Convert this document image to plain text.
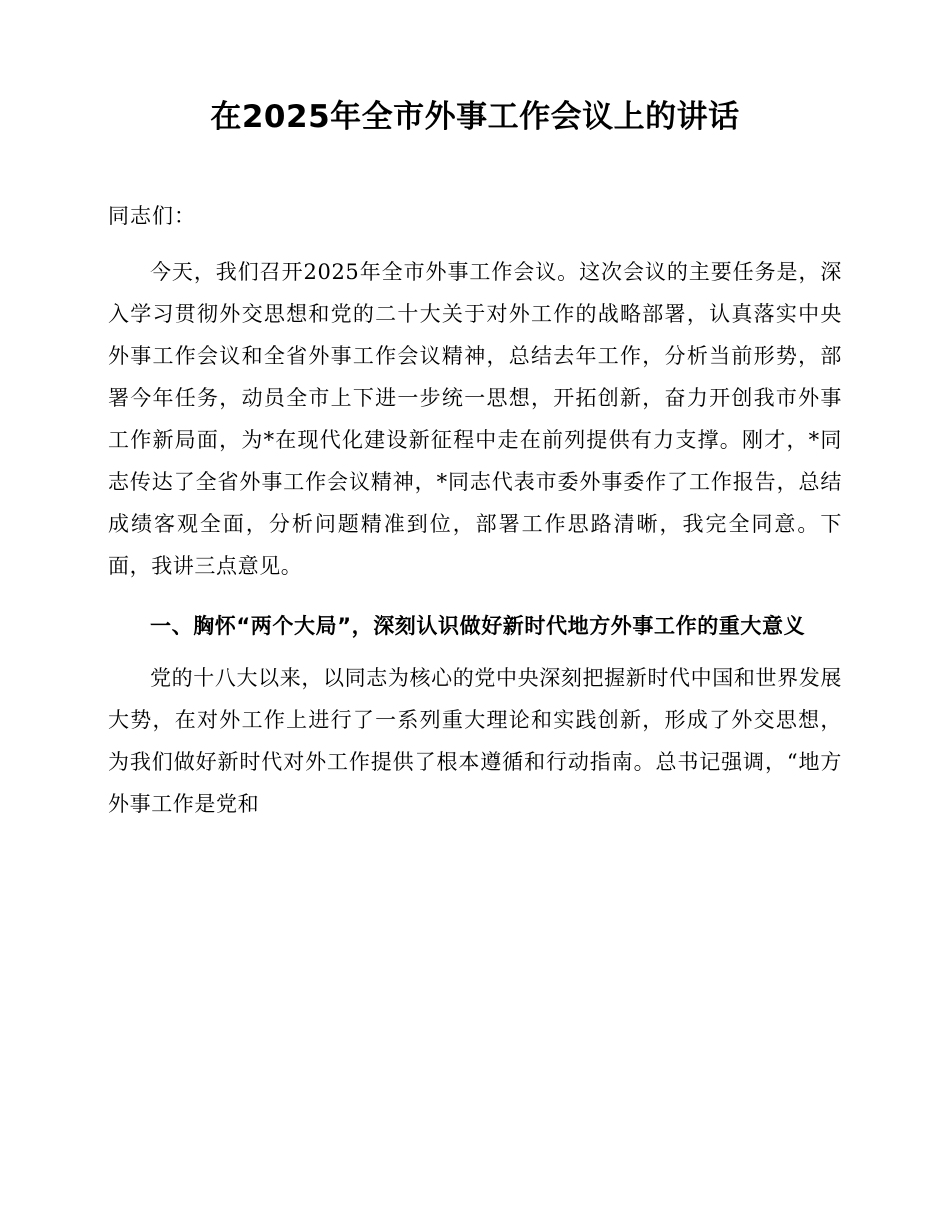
在2025年全市外事工作会议上的讲话

同志们：

今天，我们召开2025年全市外事工作会议。这次会议的主要任务是，深入学习贯彻外交思想和党的二十大关于对外工作的战略部署，认真落实中央外事工作会议和全省外事工作会议精神，总结去年工作，分析当前形势，部署今年任务，动员全市上下进一步统一思想，开拓创新，奋力开创我市外事工作新局面，为*在现代化建设新征程中走在前列提供有力支撑。刚才，*同志传达了全省外事工作会议精神，*同志代表市委外事委作了工作报告，总结成绩客观全面，分析问题精准到位，部署工作思路清晰，我完全同意。下面，我讲三点意见。

一、胸怀“两个大局”，深刻认识做好新时代地方外事工作的重大意义

党的十八大以来，以同志为核心的党中央深刻把握新时代中国和世界发展大势，在对外工作上进行了一系列重大理论和实践创新，形成了外交思想，为我们做好新时代对外工作提供了根本遵循和行动指南。总书记强调，“地方外事工作是党和
